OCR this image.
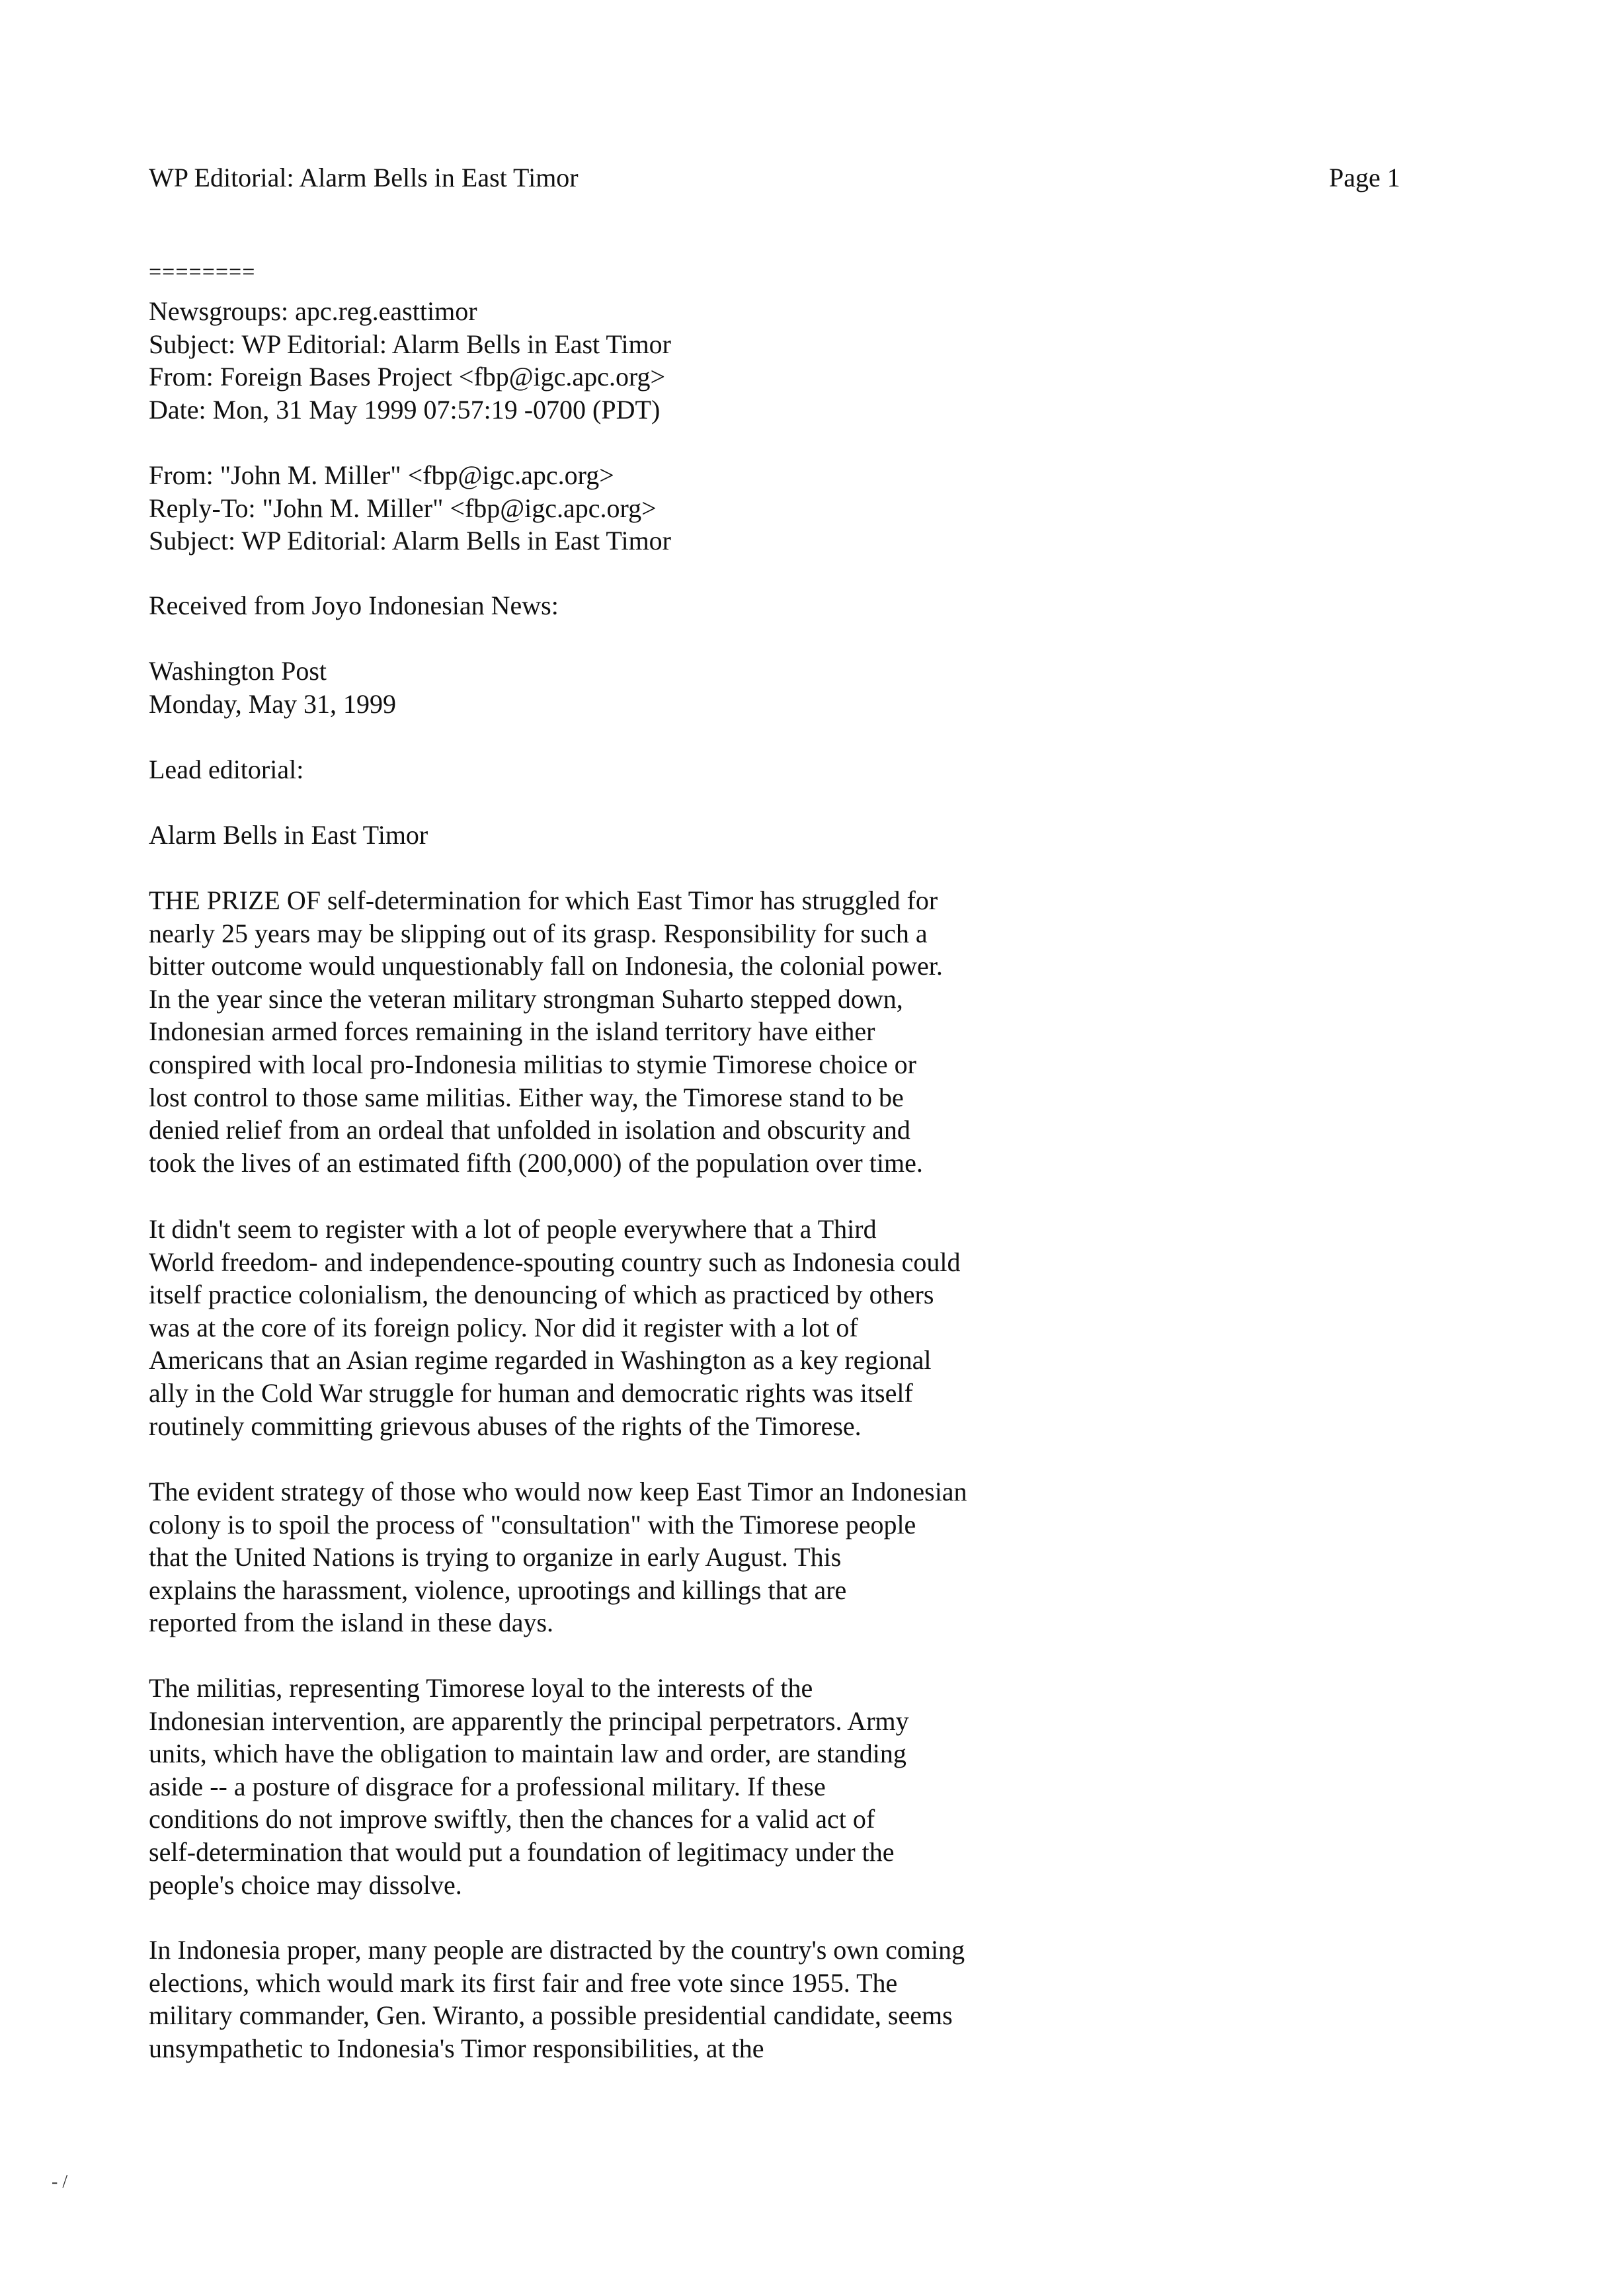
WP Editorial: Alarm Bells in East Timor	Page 1
========
Newsgroups: apc.reg.easttimor
Subject: WP Editorial: Alarm Bells in East Timor
From: Foreign Bases Project <fbp@igc.apc.org>
Date: Mon, 31 May 1999 07:57:19 -0700 (PDT)
From: "John M. Miller" <fbp@igc.apc.org>
Reply-To: "John M. Miller" <fbp@igc.apc.org>
Subject: WP Editorial: Alarm Bells in East Timor
Received from Joyo Indonesian News:
Washington Post
Monday, May 31, 1999
Lead editorial:
Alarm Bells in East Timor
THE PRIZE OF self-determination for which East Timor has struggled for
nearly 25 years may be slipping out of its grasp. Responsibility for such a
bitter outcome would unquestionably fall on Indonesia, the colonial power.
In the year since the veteran military strongman Suharto stepped down,
Indonesian armed forces remaining in the island territory have either
conspired with local pro-Indonesia militias to stymie Timorese choice or
lost control to those same militias. Either way, the Timorese stand to be
denied relief from an ordeal that unfolded in isolation and obscurity and
took the lives of an estimated fifth (200,000) of the population over time.
It didn't seem to register with a lot of people everywhere that a Third
World freedom- and independence-spouting country such as Indonesia could
itself practice colonialism, the denouncing of which as practiced by others
was at the core of its foreign policy. Nor did it register with a lot of
Americans that an Asian regime regarded in Washington as a key regional
ally in the Cold War struggle for human and democratic rights was itself
routinely committing grievous abuses of the rights of the Timorese.
The evident strategy of those who would now keep East Timor an Indonesian
colony is to spoil the process of "consultation" with the Timorese people
that the United Nations is trying to organize in early August. This
explains the harassment, violence, uprootings and killings that are
reported from the island in these days.
The militias, representing Timorese loyal to the interests of the
Indonesian intervention, are apparently the principal perpetrators. Army
units, which have the obligation to maintain law and order, are standing
aside -- a posture of disgrace for a professional military. If these
conditions do not improve swiftly, then the chances for a valid act of
self-determination that would put a foundation of legitimacy under the
people's choice may dissolve.
In Indonesia proper, many people are distracted by the country's own coming
elections, which would mark its first fair and free vote since 1955. The
military commander, Gen. Wiranto, a possible presidential candidate, seems
unsympathetic to Indonesia's Timor responsibilities, at the
- /
